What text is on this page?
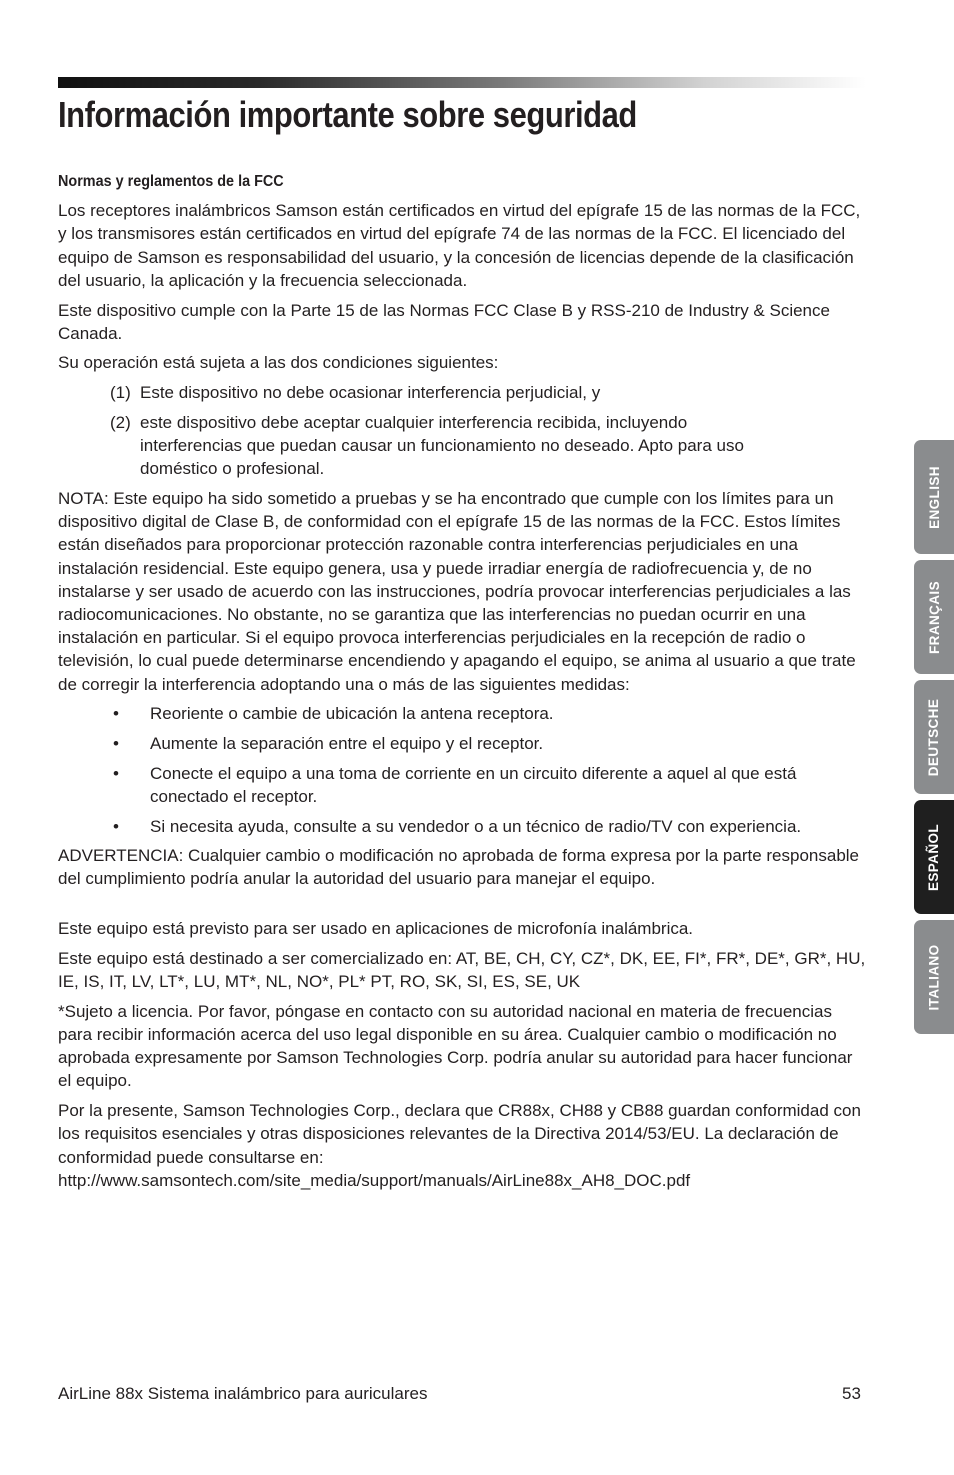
Información importante sobre seguridad
Normas y reglamentos de la FCC

Los receptores inalámbricos Samson están certificados en virtud del epígrafe 15 de las normas de la FCC, y los transmisores están certificados en virtud del epígrafe 74 de las normas de la FCC. El licenciado del equipo de Samson es responsabilidad del usuario, y la concesión de licencias depende de la clasificación del usuario, la aplicación y la frecuencia seleccionada.

Este dispositivo cumple con la Parte 15 de las Normas FCC Clase B y RSS-210 de Industry & Science Canada.

Su operación está sujeta a las dos condiciones siguientes:

(1) Este dispositivo no debe ocasionar interferencia perjudicial, y
(2) este dispositivo debe aceptar cualquier interferencia recibida, incluyendo interferencias que puedan causar un funcionamiento no deseado. Apto para uso doméstico o profesional.

NOTA: Este equipo ha sido sometido a pruebas y se ha encontrado que cumple con los límites para un dispositivo digital de Clase B, de conformidad con el epígrafe 15 de las normas de la FCC. Estos límites están diseñados para proporcionar protección razonable contra interferencias perjudiciales en una instalación residencial. Este equipo genera, usa y puede irradiar energía de radiofrecuencia y, de no instalarse y ser usado de acuerdo con las instrucciones, podría provocar interferencias perjudiciales a las radiocomunicaciones. No obstante, no se garantiza que las interferencias no puedan ocurrir en una instalación en particular. Si el equipo provoca interferencias perjudiciales en la recepción de radio o televisión, lo cual puede determinarse encendiendo y apagando el equipo, se anima al usuario a que trate de corregir la interferencia adoptando una o más de las siguientes medidas:

• Reoriente o cambie de ubicación la antena receptora.
• Aumente la separación entre el equipo y el receptor.
• Conecte el equipo a una toma de corriente en un circuito diferente a aquel al que está conectado el receptor.
• Si necesita ayuda, consulte a su vendedor o a un técnico de radio/TV con experiencia.

ADVERTENCIA: Cualquier cambio o modificación no aprobada de forma expresa por la parte responsable del cumplimiento podría anular la autoridad del usuario para manejar el equipo.

Este equipo está previsto para ser usado en aplicaciones de microfonía inalámbrica.

Este equipo está destinado a ser comercializado en: AT, BE, CH, CY, CZ*, DK, EE, FI*, FR*, DE*, GR*, HU, IE, IS, IT, LV, LT*, LU, MT*, NL, NO*, PL* PT, RO, SK, SI, ES, SE, UK

*Sujeto a licencia. Por favor, póngase en contacto con su autoridad nacional en materia de frecuencias para recibir información acerca del uso legal disponible en su área. Cualquier cambio o modificación no aprobada expresamente por Samson Technologies Corp. podría anular su autoridad para hacer funcionar el equipo.

Por la presente, Samson Technologies Corp., declara que CR88x, CH88 y CB88 guardan conformidad con los requisitos esenciales y otras disposiciones relevantes de la Directiva 2014/53/EU. La declaración de conformidad puede consultarse en:
http://www.samsontech.com/site_media/support/manuals/AirLine88x_AH8_DOC.pdf

ENGLISH
FRANÇAIS
DEUTSCHE
ESPAÑOL
ITALIANO
AirLine 88x Sistema inalámbrico para auriculares	53
